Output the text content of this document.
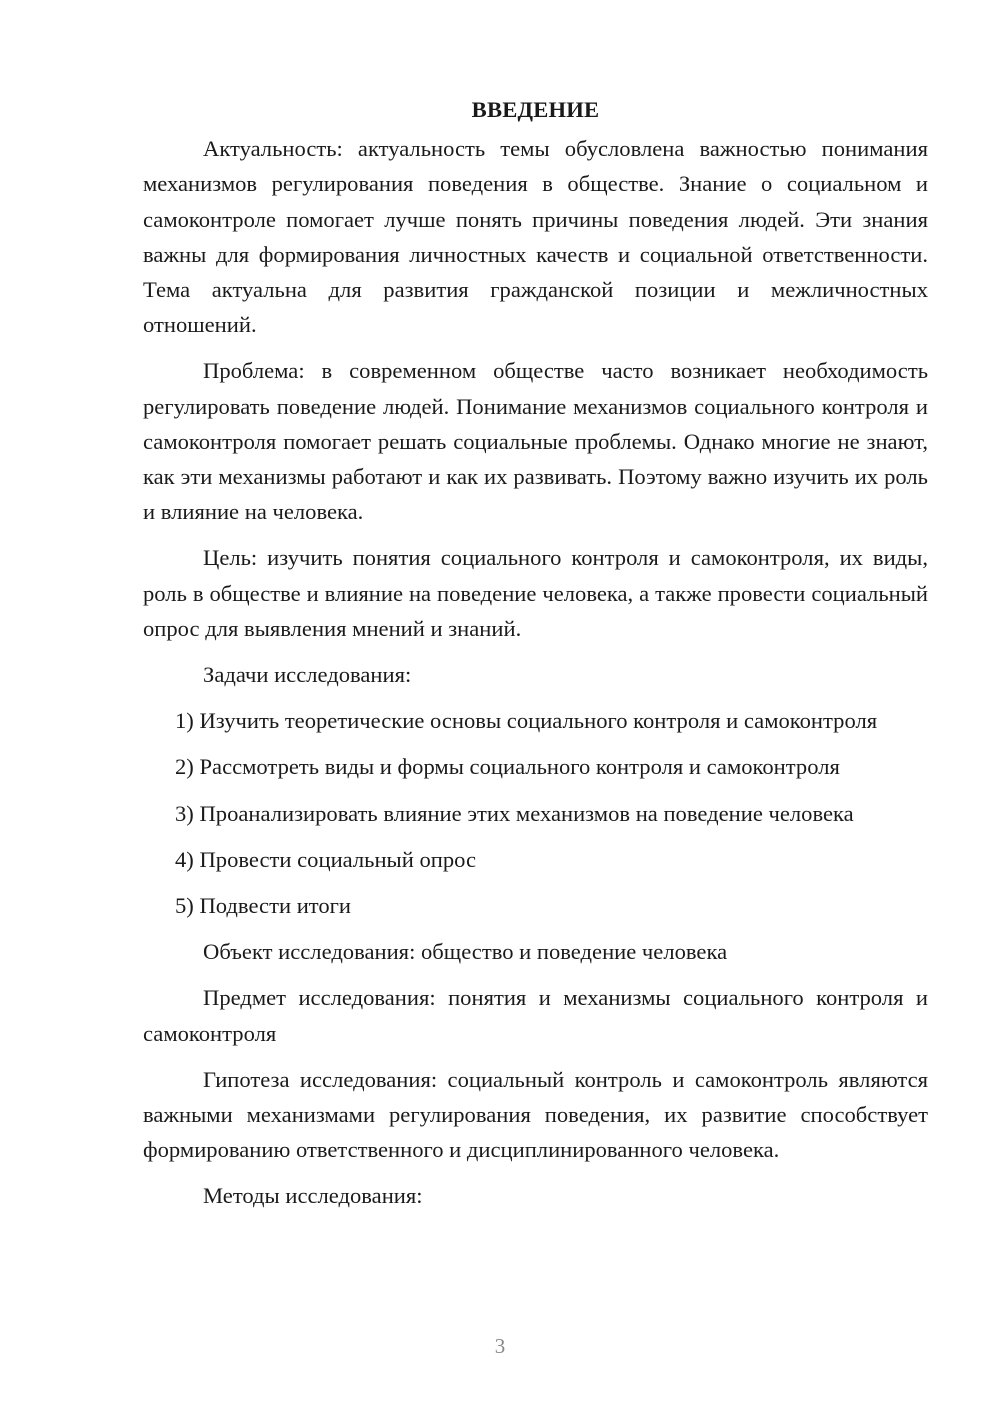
ВВЕДЕНИЕ

Актуальность: актуальность темы обусловлена важностью понимания механизмов регулирования поведения в обществе. Знание о социальном и самоконтроле помогает лучше понять причины поведения людей. Эти знания важны для формирования личностных качеств и социальной ответственности. Тема актуальна для развития гражданской позиции и межличностных отношений.

Проблема: в современном обществе часто возникает необходимость регулировать поведение людей. Понимание механизмов социального контроля и самоконтроля помогает решать социальные проблемы. Однако многие не знают, как эти механизмы работают и как их развивать. Поэтому важно изучить их роль и влияние на человека.

Цель: изучить понятия социального контроля и самоконтроля, их виды, роль в обществе и влияние на поведение человека, а также провести социальный опрос для выявления мнений и знаний.

Задачи исследования:

1) Изучить теоретические основы социального контроля и самоконтроля

2) Рассмотреть виды и формы социального контроля и самоконтроля

3) Проанализировать влияние этих механизмов на поведение человека

4) Провести социальный опрос

5) Подвести итоги

Объект исследования: общество и поведение человека

Предмет исследования: понятия и механизмы социального контроля и самоконтроля

Гипотеза исследования: социальный контроль и самоконтроль являются важными механизмами регулирования поведения, их развитие способствует формированию ответственного и дисциплинированного человека.

Методы исследования:

3
